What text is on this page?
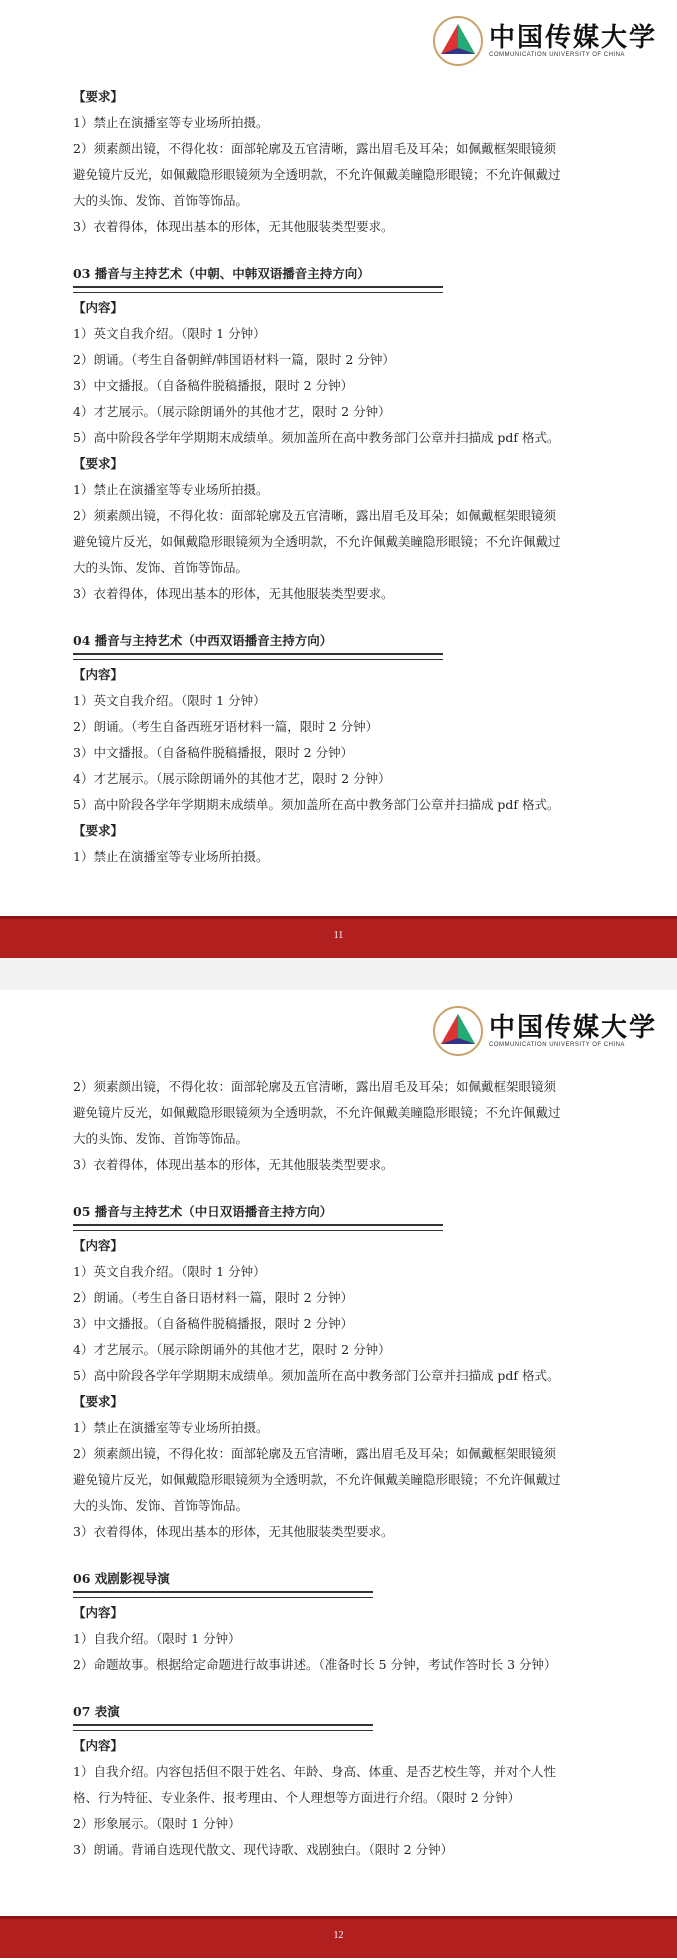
中国传媒大学
COMMUNICATION UNIVERSITY OF CHINA
【要求】
1）禁止在演播室等专业场所拍摄。
2）须素颜出镜，不得化妆：面部轮廓及五官清晰，露出眉毛及耳朵；如佩戴框架眼镜须
避免镜片反光，如佩戴隐形眼镜须为全透明款，不允许佩戴美瞳隐形眼镜；不允许佩戴过
大的头饰、发饰、首饰等饰品。
3）衣着得体，体现出基本的形体，无其他服装类型要求。
03 播音与主持艺术（中朝、中韩双语播音主持方向）
【内容】
1）英文自我介绍。（限时 1 分钟）
2）朗诵。（考生自备朝鲜/韩国语材料一篇，限时 2 分钟）
3）中文播报。（自备稿件脱稿播报，限时 2 分钟）
4）才艺展示。（展示除朗诵外的其他才艺，限时 2 分钟）
5）高中阶段各学年学期期末成绩单。须加盖所在高中教务部门公章并扫描成 pdf 格式。
【要求】
1）禁止在演播室等专业场所拍摄。
2）须素颜出镜，不得化妆：面部轮廓及五官清晰，露出眉毛及耳朵；如佩戴框架眼镜须
避免镜片反光，如佩戴隐形眼镜须为全透明款，不允许佩戴美瞳隐形眼镜；不允许佩戴过
大的头饰、发饰、首饰等饰品。
3）衣着得体，体现出基本的形体，无其他服装类型要求。
04 播音与主持艺术（中西双语播音主持方向）
【内容】
1）英文自我介绍。（限时 1 分钟）
2）朗诵。（考生自备西班牙语材料一篇，限时 2 分钟）
3）中文播报。（自备稿件脱稿播报，限时 2 分钟）
4）才艺展示。（展示除朗诵外的其他才艺，限时 2 分钟）
5）高中阶段各学年学期期末成绩单。须加盖所在高中教务部门公章并扫描成 pdf 格式。
【要求】
1）禁止在演播室等专业场所拍摄。
11
中国传媒大学
COMMUNICATION UNIVERSITY OF CHINA
2）须素颜出镜，不得化妆：面部轮廓及五官清晰，露出眉毛及耳朵；如佩戴框架眼镜须
避免镜片反光，如佩戴隐形眼镜须为全透明款，不允许佩戴美瞳隐形眼镜；不允许佩戴过
大的头饰、发饰、首饰等饰品。
3）衣着得体，体现出基本的形体，无其他服装类型要求。
05 播音与主持艺术（中日双语播音主持方向）
【内容】
1）英文自我介绍。（限时 1 分钟）
2）朗诵。（考生自备日语材料一篇，限时 2 分钟）
3）中文播报。（自备稿件脱稿播报，限时 2 分钟）
4）才艺展示。（展示除朗诵外的其他才艺，限时 2 分钟）
5）高中阶段各学年学期期末成绩单。须加盖所在高中教务部门公章并扫描成 pdf 格式。
【要求】
1）禁止在演播室等专业场所拍摄。
2）须素颜出镜，不得化妆：面部轮廓及五官清晰，露出眉毛及耳朵；如佩戴框架眼镜须
避免镜片反光，如佩戴隐形眼镜须为全透明款，不允许佩戴美瞳隐形眼镜；不允许佩戴过
大的头饰、发饰、首饰等饰品。
3）衣着得体，体现出基本的形体，无其他服装类型要求。
06 戏剧影视导演
【内容】
1）自我介绍。（限时 1 分钟）
2）命题故事。根据给定命题进行故事讲述。（准备时长 5 分钟，考试作答时长 3 分钟）
07 表演
【内容】
1）自我介绍。内容包括但不限于姓名、年龄、身高、体重、是否艺校生等，并对个人性
格、行为特征、专业条件、报考理由、个人理想等方面进行介绍。（限时 2 分钟）
2）形象展示。（限时 1 分钟）
3）朗诵。背诵自选现代散文、现代诗歌、戏剧独白。（限时 2 分钟）
12
